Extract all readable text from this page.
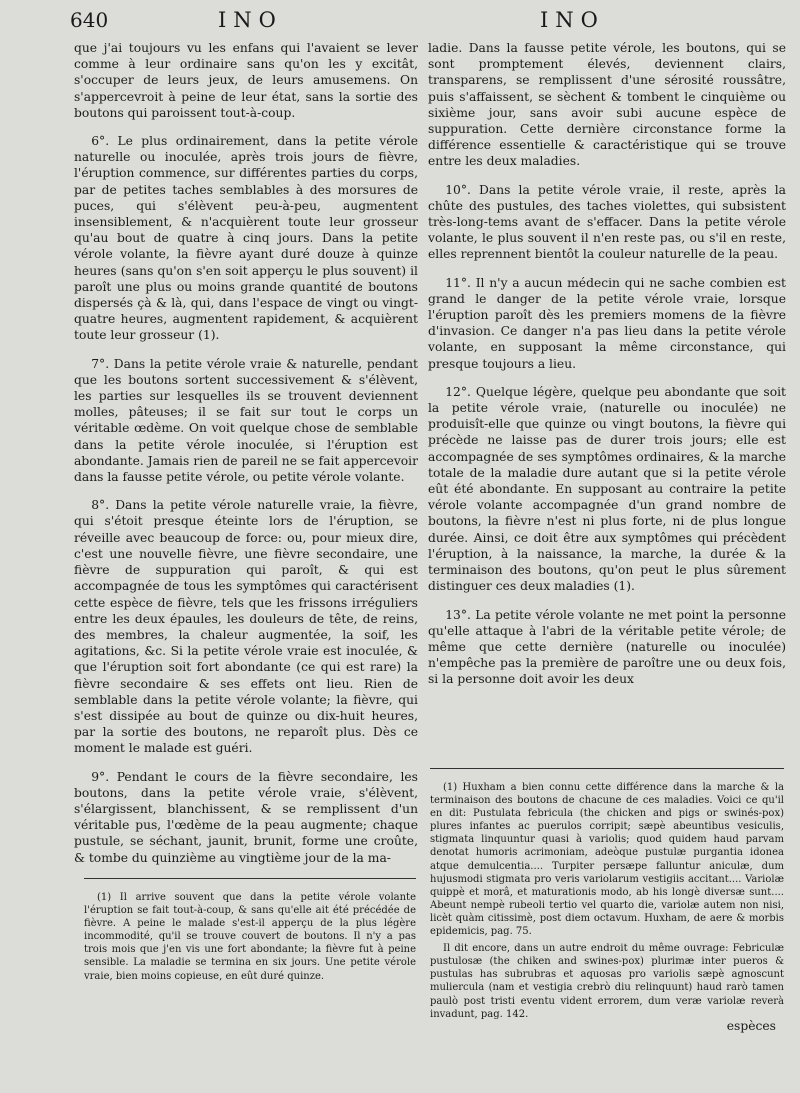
640	INO	INO

que j'ai toujours vu les enfans qui l'avaient se lever comme à leur ordinaire sans qu'on les y excitât, s'occuper de leurs jeux, de leurs amusemens. On s'appercevroit à peine de leur état, sans la sortie des boutons qui paroissent tout-à-coup.

6°. Le plus ordinairement, dans la petite vérole naturelle ou inoculée, après trois jours de fièvre, l'éruption commence, sur différentes parties du corps, par de petites taches semblables à des morsures de puces, qui s'élèvent peu-à-peu, augmentent insensiblement, & n'acquièrent toute leur grosseur qu'au bout de quatre à cinq jours. Dans la petite vérole volante, la fièvre ayant duré douze à quinze heures (sans qu'on s'en soit apperçu le plus souvent) il paroît une plus ou moins grande quantité de boutons dispersés çà & là, qui, dans l'espace de vingt ou vingt-quatre heures, augmentent rapidement, & acquièrent toute leur grosseur (1).

7°. Dans la petite vérole vraie & naturelle, pendant que les boutons sortent successivement & s'élèvent, les parties sur lesquelles ils se trouvent deviennent molles, pâteuses; il se fait sur tout le corps un véritable œdème. On voit quelque chose de semblable dans la petite vérole inoculée, si l'éruption est abondante. Jamais rien de pareil ne se fait appercevoir dans la fausse petite vérole, ou petite vérole volante.

8°. Dans la petite vérole naturelle vraie, la fièvre, qui s'étoit presque éteinte lors de l'éruption, se réveille avec beaucoup de force: ou, pour mieux dire, c'est une nouvelle fièvre, une fièvre secondaire, une fièvre de suppuration qui paroît, & qui est accompagnée de tous les symptômes qui caractérisent cette espèce de fièvre, tels que les frissons irréguliers entre les deux épaules, les douleurs de tête, de reins, des membres, la chaleur augmentée, la soif, les agitations, &c. Si la petite vérole vraie est inoculée, & que l'éruption soit fort abondante (ce qui est rare) la fièvre secondaire & ses effets ont lieu. Rien de semblable dans la petite vérole volante; la fièvre, qui s'est dissipée au bout de quinze ou dix-huit heures, par la sortie des boutons, ne reparoît plus. Dès ce moment le malade est guéri.

9°. Pendant le cours de la fièvre secondaire, les boutons, dans la petite vérole vraie, s'élèvent, s'élargissent, blanchissent, & se remplissent d'un véritable pus, l'œdème de la peau augmente; chaque pustule, se séchant, jaunit, brunit, forme une croûte, & tombe du quinzième au vingtième jour de la ma-

ladie. Dans la fausse petite vérole, les boutons, qui se sont promptement élevés, deviennent clairs, transparens, se remplissent d'une sérosité roussâtre, puis s'affaissent, se sèchent & tombent le cinquième ou sixième jour, sans avoir subi aucune espèce de suppuration. Cette dernière circonstance forme la différence essentielle & caractéristique qui se trouve entre les deux maladies.

10°. Dans la petite vérole vraie, il reste, après la chûte des pustules, des taches violettes, qui subsistent très-long-tems avant de s'effacer. Dans la petite vérole volante, le plus souvent il n'en reste pas, ou s'il en reste, elles reprennent bientôt la couleur naturelle de la peau.

11°. Il n'y a aucun médecin qui ne sache combien est grand le danger de la petite vérole vraie, lorsque l'éruption paroît dès les premiers momens de la fièvre d'invasion. Ce danger n'a pas lieu dans la petite vérole volante, en supposant la même circonstance, qui presque toujours a lieu.

12°. Quelque légère, quelque peu abondante que soit la petite vérole vraie, (naturelle ou inoculée) ne produisît-elle que quinze ou vingt boutons, la fièvre qui précède ne laisse pas de durer trois jours; elle est accompagnée de ses symptômes ordinaires, & la marche totale de la maladie dure autant que si la petite vérole eût été abondante. En supposant au contraire la petite vérole volante accompagnée d'un grand nombre de boutons, la fièvre n'est ni plus forte, ni de plus longue durée. Ainsi, ce doit être aux symptômes qui précèdent l'éruption, à la naissance, la marche, la durée & la terminaison des boutons, qu'on peut le plus sûrement distinguer ces deux maladies (1).

13°. La petite vérole volante ne met point la personne qu'elle attaque à l'abri de la véritable petite vérole; de même que cette dernière (naturelle ou inoculée) n'empêche pas la première de paroître une ou deux fois, si la personne doit avoir les deux

(1) Il arrive souvent que dans la petite vérole volante l'éruption se fait tout-à-coup, & sans qu'elle ait été précédée de fièvre. A peine le malade s'est-il apperçu de la plus légère incommodité, qu'il se trouve couvert de boutons. Il n'y a pas trois mois que j'en vis une fort abondante; la fièvre fut à peine sensible. La maladie se termina en six jours. Une petite vérole vraie, bien moins copieuse, en eût duré quinze.

(1) Huxham a bien connu cette différence dans la marche & la terminaison des boutons de chacune de ces maladies. Voici ce qu'il en dit: Pustulata febricula (the chicken and pigs or swinés-pox) plures infantes ac puerulos corripit; sæpè abeuntibus vesiculis, stigmata linquuntur quasi à variolis; quod quidem haud parvam denotat humoris acrimoniam, adeòque pustulæ purgantia idonea atque demulcentia.... Turpiter persæpe falluntur aniculæ, dum hujusmodi stigmata pro veris variolarum vestigiis accitant.... Variolæ quippè et morâ, et maturationis modo, ab his longè diversæ sunt.... Abeunt nempè rubeoli tertio vel quarto die, variolæ autem non nisi, licèt quàm citissimè, post diem octavum. Huxham, de aere & morbis epidemicis, pag. 75.

Il dit encore, dans un autre endroit du même ouvrage: Febriculæ pustulosæ (the chiken and swines-pox) plurimæ inter pueros & pustulas has subrubras et aquosas pro variolis sæpè agnoscunt muliercula (nam et vestigia crebrò diu relinquunt) haud rarò tamen paulò post tristi eventu vident errorem, dum veræ variolæ reverà invadunt, pag. 142.

espèces
